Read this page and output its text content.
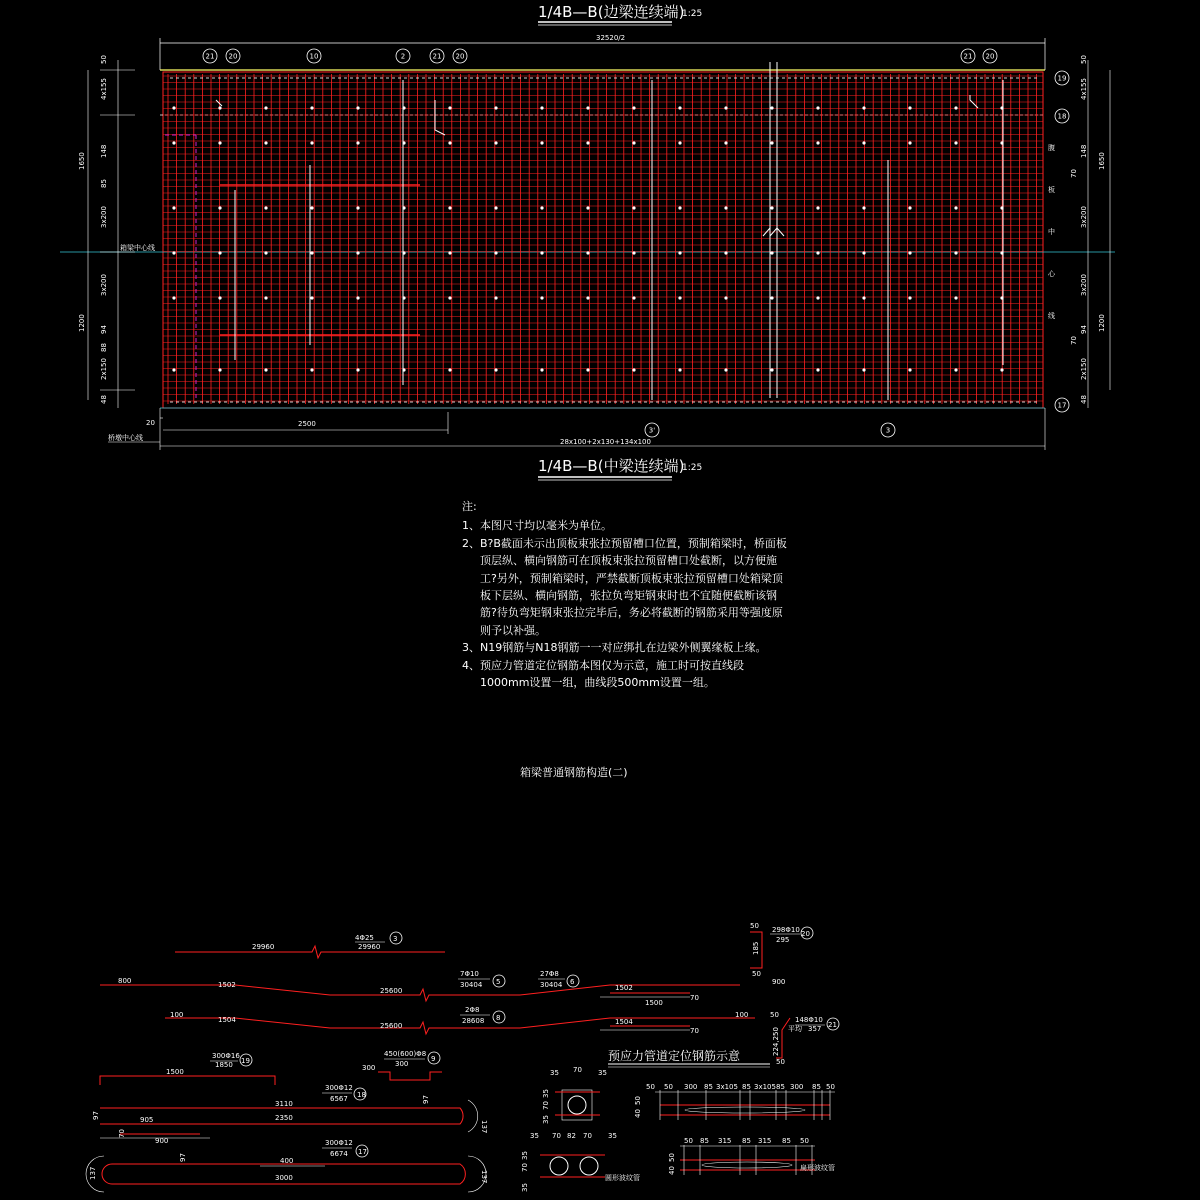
1/4B—B(边梁连续端)
1:25
32520/2
21 20	10	2	21 20	21 20
19
18
17
3'	3
50
4x155
1650
148
85
3x200
3x200
1200
88
2x150
48
94
箱梁中心线
50
4x155
1650
148
70
3x200
3x200
1200
70
2x150
48
94
腹
板
中
心
线
20	2500
28x100+2x130+134x100
桥墩中心线
1/4B—B(中梁连续端)
1:25
29960
4Φ25
29960
3
800	1502
25600
7Φ10
30404 5
27Φ8
30404 6
1502
900
1500
70
100
1504
25600
2Φ8
28608 8	1504
100
70
50
185
50
298Φ10
295
20
50
224,250
50
148Φ10
平均 357 21
1500
300Φ16
1850 19
300
450(600)Φ8
300
9
3110
2350
905
900
70
97
97
137
300Φ12
6567 18
400
3000
97
137	137
300Φ12
6674 17
预应力管道定位钢筋示意
35 70 35
35
70
35
35 70 82 70 35
35
70
35
圆形波纹管
50 50 300 85 3x105 85 3x105 85 300 85 50
50
40
50 85 315 85 315 85 50
50
40	扁形波纹管
注:
1、本图尺寸均以毫米为单位。
2、B?B截面未示出顶板束张拉预留槽口位置，预制箱梁时，桥面板顶层纵、横向钢筋可在顶板束张拉预留槽口处截断，以方便施工?另外，预制箱梁时，严禁截断顶板束张拉预留槽口处箱梁顶板下层纵、横向钢筋，张拉负弯矩钢束时也不宜随便截断该钢筋?待负弯矩钢束张拉完毕后，务必将截断的钢筋采用等强度原则予以补强。
3、N19钢筋与N18钢筋一一对应绑扎在边梁外侧翼缘板上缘。
4、预应力管道定位钢筋本图仅为示意，施工时可按直线段1000mm设置一组，曲线段500mm设置一组。
箱梁普通钢筋构造(二)
